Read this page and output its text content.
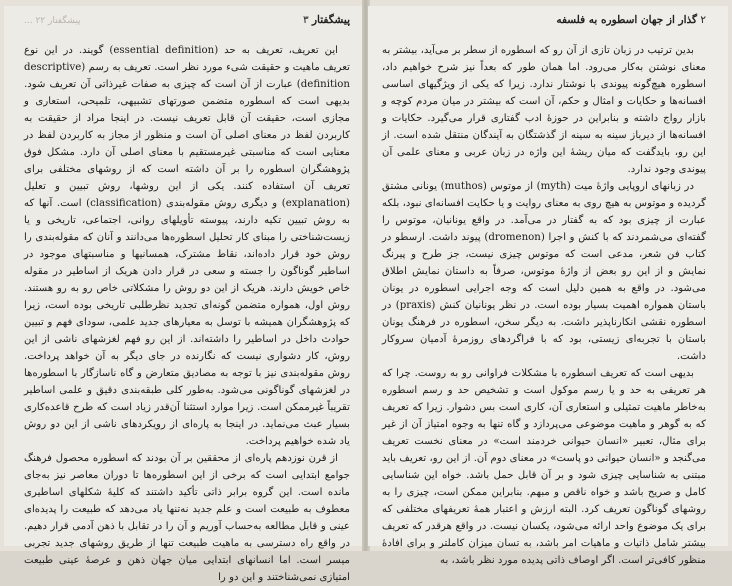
پیشگفتار ۳
پیشگفتار ۲۲ ...

این تعریف، تعریف به حد (essential definition) گویند. در این نوع تعریف ماهیت و حقیقت شیء مورد نظر است. تعریف به رسم (descriptive definition) عبارت از آن است که چیزی به صفات غیرذاتی آن تعریف شود. بدیهی است که اسطوره متضمن صورتهای تشبیهی، تلمیحی، استعاری و مجازی است، حقیقت آن قابل تعریف نیست. در اینجا مراد از حقیقت به کاربردن لفظ در معنای اصلی آن است و منظور از مجاز به کاربردن لفظ در معنایی است که مناسبتی غیرمستقیم با معنای اصلی آن دارد. مشکل فوق پژوهشگران اسطوره را بر آن داشته است که از روشهای مختلفی برای تعریف آن استفاده کنند. یکی از این روشها، روش تبیین و تعلیل (explanation) و دیگری روش مقوله‌بندی (classification) است. آنها که به روش تبیین تکیه دارند، پیوسته تأویلهای روانی، اجتماعی، تاریخی و یا زیست‌شناختی را مبنای کار تحلیل اسطوره‌ها می‌دانند و آنان که مقوله‌بندی را روش خود قرار داده‌اند، نقاط مشترک، همسانیها و مناسبتهای موجود در اساطیر گوناگون را جسته و سعی در قرار دادن هریک از اساطیر در مقوله خاص خویش دارند. هریک از این دو روش را مشکلاتی خاص رو به رو هستند. روش اول، همواره متضمن گونه‌ای تجدید نظرطلبی تاریخی بوده است، زیرا که پژوهشگران همیشه با توسل به معیارهای جدید علمی، سودای فهم و تبیین حوادث داخل در اساطیر را داشته‌اند. از این رو فهم لغزشهای ناشی از این روش، کار دشواری نیست که نگارنده در جای دیگر به آن خواهد پرداخت. روش مقوله‌بندی نیز با توجه به مصادیق متعارض و گاه ناسازگار با اسطوره‌ها در لغزشهای گوناگونی می‌شود. به‌طور کلی طبقه‌بندی دقیق و علمی اساطیر تقریباً غیرممکن است. زیرا موارد استثنا آن‌قدر زیاد است که طرح قاعده‌کاری بسیار عبث می‌نماید. در اینجا به پاره‌ای از رویکردهای ناشی از این دو روش یاد شده خواهیم پرداخت.

از قرن نوزدهم پاره‌ای از محققین بر آن بودند که اسطوره محصول فرهنگ جوامع ابتدایی است که برخی از این اسطوره‌ها تا دوران معاصر نیز به‌جای مانده است. این گروه برابر ذاتی تأکید داشتند که کلیهٔ شکلهای اساطیری معطوف به طبیعت است و علم جدید نه‌تنها یاد می‌دهد که طبیعت را پدیده‌ای عینی و قابل مطالعه به‌حساب آوریم و آن را در تقابل با ذهن آدمی قرار دهیم. در واقع راه دسترسی به ماهیت طبیعت تنها از طریق روشهای جدید تجربی میسر است. اما انسانهای ابتدایی میان جهان ذهن و عرصهٔ عینی طبیعت امتیازی نمی‌شناختند و این دو را

۲ گذار از جهان اسطوره به فلسفه

بدین ترتیب در زبان تازی از آن رو که اسطوره از سطر بر می‌آید، بیشتر به معنای نوشتن به‌کار می‌رود. اما همان طور که بعداً نیز شرح خواهیم داد، اسطوره هیچ‌گونه پیوندی با نوشتار ندارد. زیرا که یکی از ویژگیهای اساسی افسانه‌ها و حکایات و امثال و حکم، آن است که بیشتر در میان مردم کوچه و بازار رواج داشته و بنابراین در حوزهٔ ادب گفتاری قرار می‌گیرد. حکایات و افسانه‌ها از دیرباز سینه به سینه از گذشتگان به آیندگان منتقل شده است. از این رو، بایدگفت که میان ریشهٔ این واژه در زبان عربی و معنای علمی آن پیوندی وجود ندارد.

در زبانهای اروپایی واژهٔ میت (myth) از موتوس (muthos) یونانی مشتق گردیده و موتوس به هیچ روی به معنای روایت و یا حکایت افسانه‌ای نبود، بلکه عبارت از چیزی بود که به گفتار در می‌آمد. در واقع یونانیان، موتوس را گفته‌ای می‌شمردند که با کنش و اجرا (dromenon) پیوند داشت. ارسطو در کتاب فن شعر، مدعی است که موتوس چیزی نیست، جز طرح و پیرنگ نمایش و از این رو بعض از واژهٔ موتوس، صرفاً به داستان نمایش اطلاق می‌شود. در واقع به همین دلیل است که وجه اجرایی اسطوره در یونان باستان همواره اهمیت بسیار بوده است. در نظر یونانیان کنش (praxis) در اسطوره نقشی انکارناپذیر داشت. به دیگر سخن، اسطوره در فرهنگ یونان باستان با تجربه‌ای زیستی، بود که با فراگردهای روزمرهٔ آدمیان سروکار داشت.

بدیهی است که تعریف اسطوره با مشکلات فراوانی رو به روست. چرا که هر تعریفی به حد و یا رسم موکول است و تشخیص حد و رسم اسطوره به‌خاطر ماهیت تمثیلی و استعاری آن، کاری است بس دشوار. زیرا که تعریف که به گوهر و ماهیت موضوعی می‌پردازد و گاه تنها به وجوه امتیاز آن از غیر برای مثال، تعبیر «انسان حیوانی خردمند است» در معنای نخست تعریف می‌گنجد و «انسان حیوانی دو پاست» در معنای دوم آن. از این رو، تعریف باید مبتنی به شناسایی چیزی شود و بر آن قابل حمل باشد. خواه این شناسایی کامل و صریح باشد و خواه ناقص و مبهم. بنابراین ممکن است، چیزی را به روشهای گوناگون تعریف کرد. البته ارزش و اعتبار همهٔ تعریفهای مختلفی که برای یک موضوع واحد ارائه می‌شود، یکسان نیست. در واقع هرقدر که تعریف بیشتر شامل ذاتیات و ماهیات امر باشد، به تسان میزان کاملتر و برای افادهٔ منظور کافی‌تر است. اگر اوصاف ذاتی پدیده مورد نظر باشد، به
